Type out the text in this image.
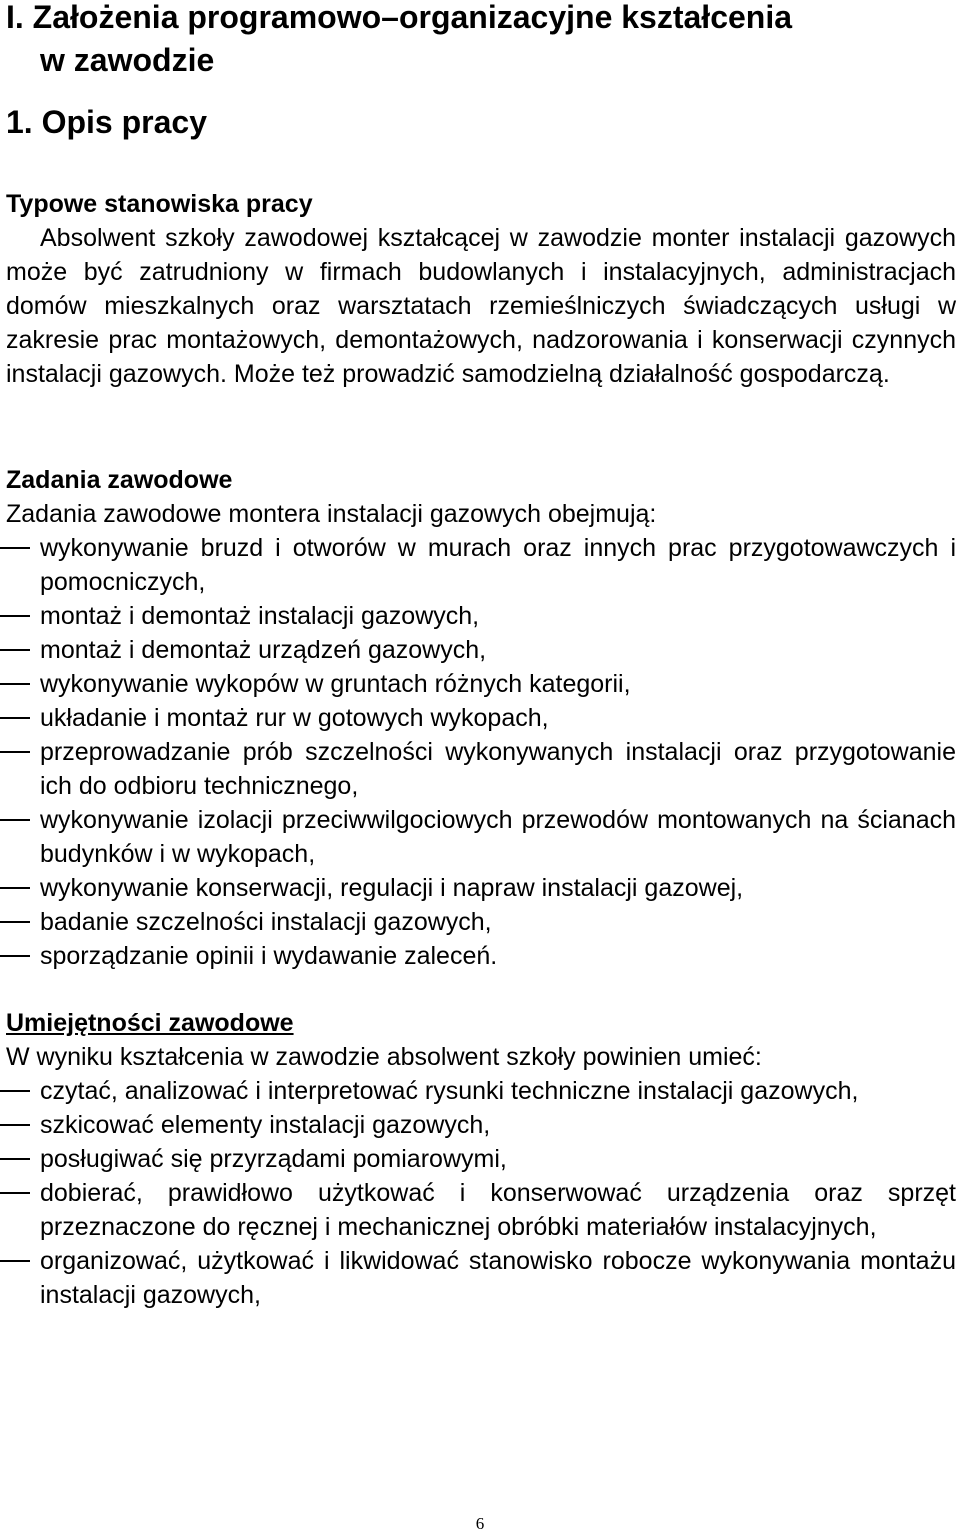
I. Założenia programowo–organizacyjne kształcenia
w zawodzie
1. Opis pracy
Typowe stanowiska pracy
Absolwent szkoły zawodowej kształcącej w zawodzie monter instalacji gazowych może być zatrudniony w firmach budowlanych i instalacyjnych, administracjach domów mieszkalnych oraz warsztatach rzemieślniczych świadczących usługi w zakresie prac montażowych, demontażowych, nadzorowania i konserwacji czynnych instalacji gazowych. Może też prowadzić samodzielną działalność gospodarczą.
Zadania zawodowe
Zadania zawodowe montera instalacji gazowych obejmują:
wykonywanie bruzd i otworów w murach oraz innych prac przygotowawczych i pomocniczych,
montaż i demontaż instalacji gazowych,
montaż i demontaż urządzeń gazowych,
wykonywanie wykopów w gruntach różnych kategorii,
układanie i montaż rur w gotowych wykopach,
przeprowadzanie prób szczelności wykonywanych instalacji oraz przygotowanie ich do odbioru technicznego,
wykonywanie izolacji przeciwwilgociowych przewodów montowanych na ścianach budynków i w wykopach,
wykonywanie konserwacji, regulacji i napraw instalacji gazowej,
badanie szczelności instalacji gazowych,
sporządzanie opinii i wydawanie zaleceń.
Umiejętności zawodowe
W wyniku kształcenia w zawodzie absolwent szkoły powinien umieć:
czytać, analizować i interpretować rysunki techniczne instalacji gazowych,
szkicować elementy instalacji gazowych,
posługiwać się przyrządami pomiarowymi,
dobierać, prawidłowo użytkować i konserwować urządzenia oraz sprzęt przeznaczone do ręcznej i mechanicznej obróbki materiałów instalacyjnych,
organizować, użytkować i likwidować stanowisko robocze wykonywania montażu instalacji gazowych,
6
